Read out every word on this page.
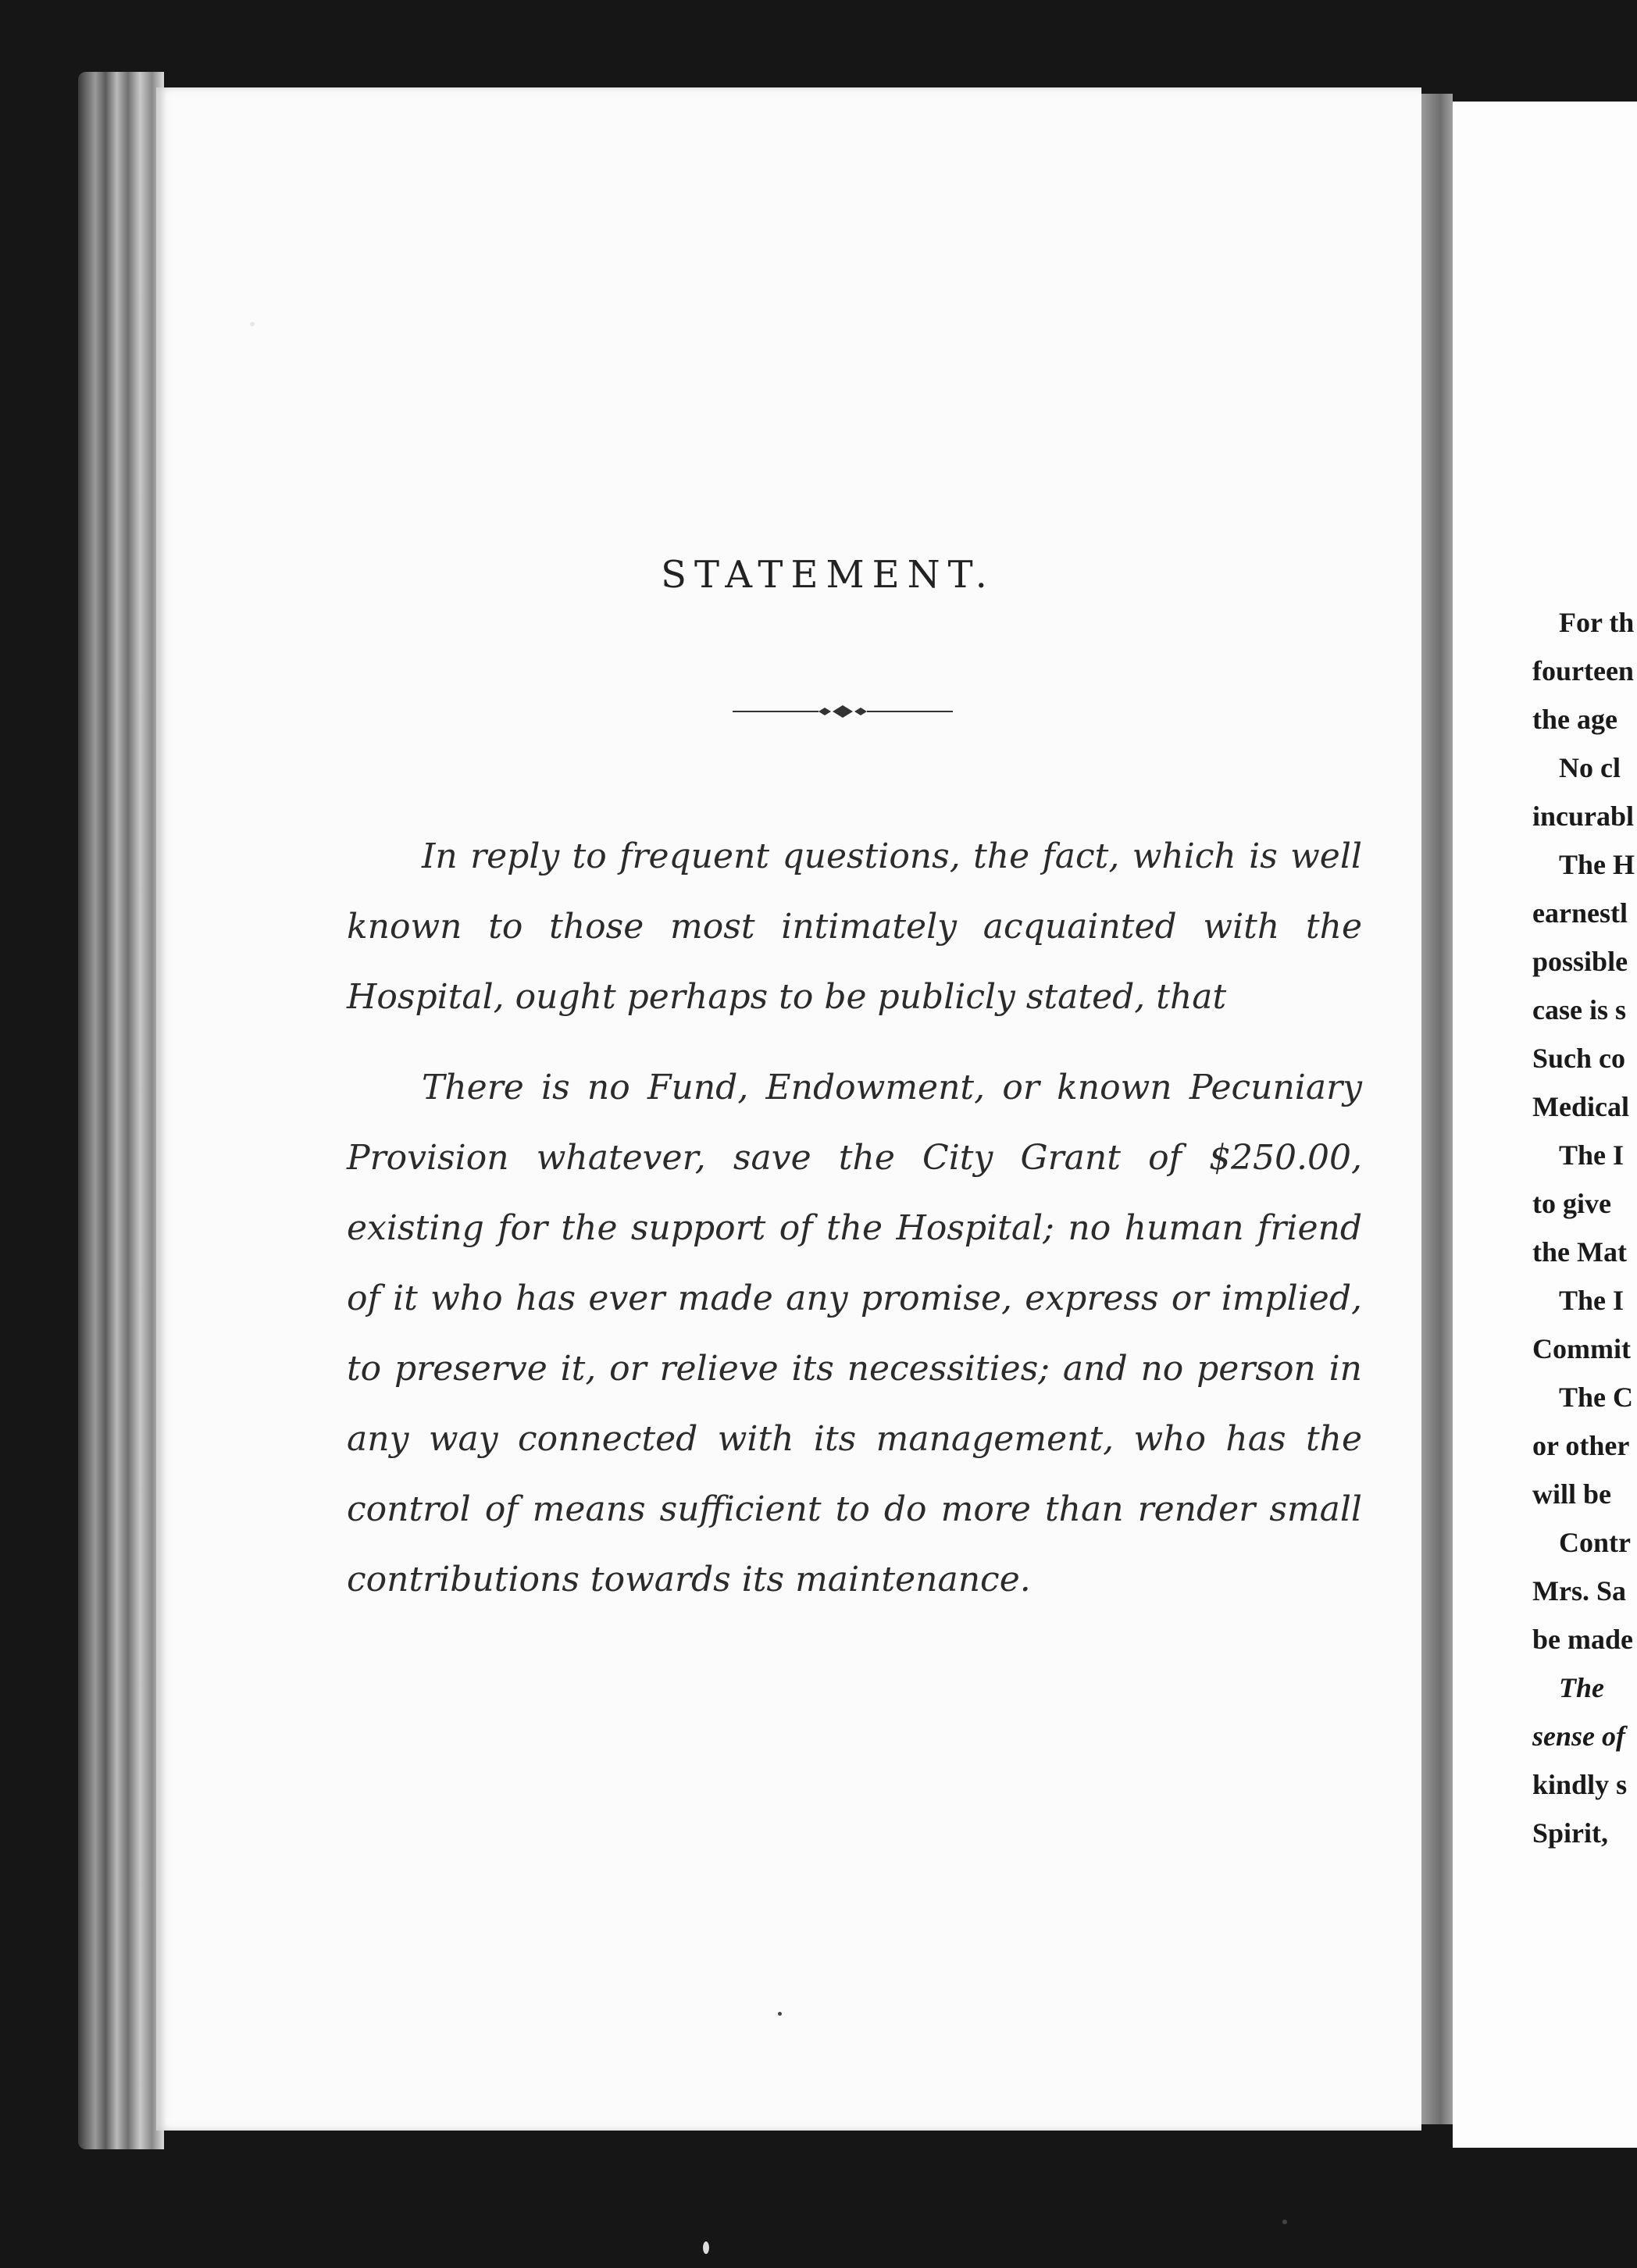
STATEMENT.

In reply to frequent questions, the fact, which is well known to those most intimately acquainted with the Hospital, ought perhaps to be publicly stated, that

There is no Fund, Endowment, or known Pecuniary Provision whatever, save the City Grant of $250.00, existing for the support of the Hospital; no human friend of it who has ever made any promise, express or implied, to preserve it, or relieve its necessities; and no person in any way connected with its management, who has the control of means sufficient to do more than render small contributions towards its maintenance.

For th
fourteen
the age
No cl
incurabl
The H
earnestl
possible
case is s
Such co
Medical
The I
to give
the Mat
The I
Commit
The C
or other
will be
Contr
Mrs. Sa
be made
The
sense of
kindly s
Spirit,
